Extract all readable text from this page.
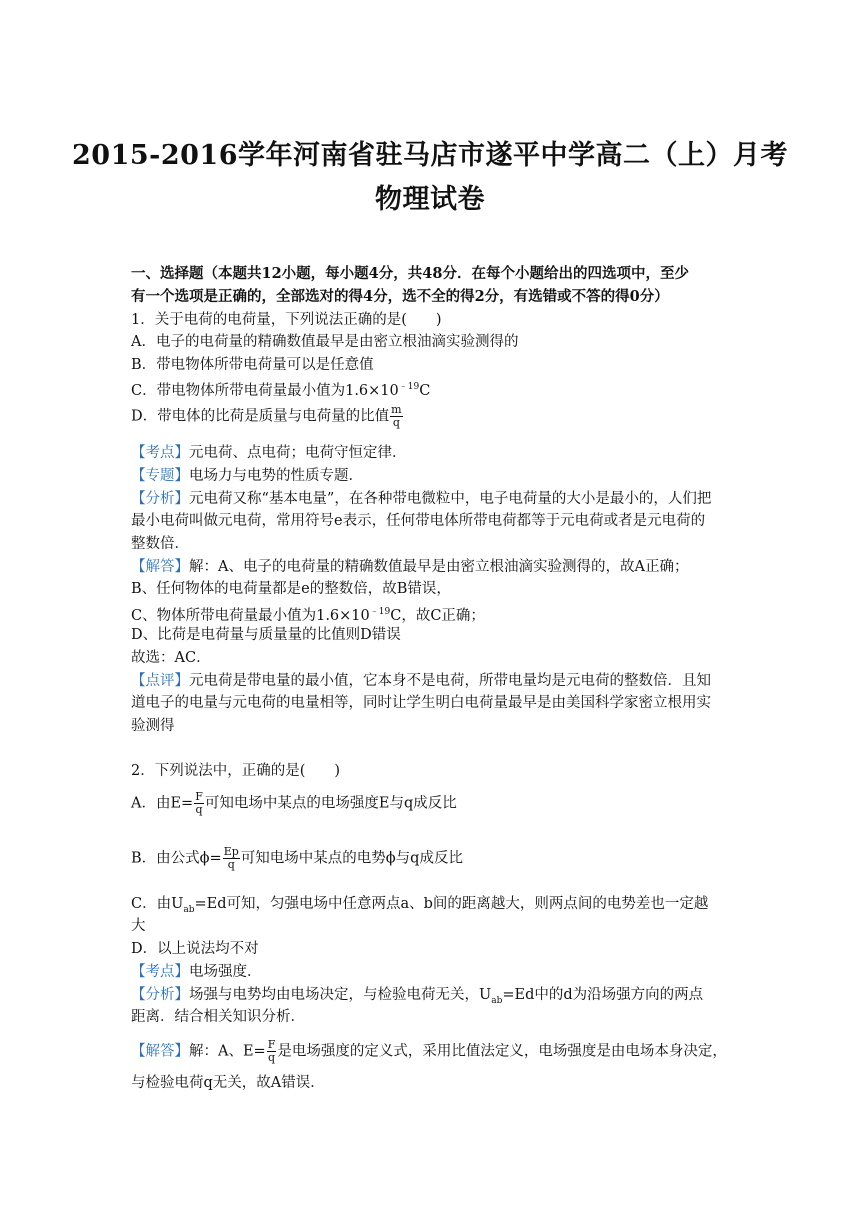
2015-2016学年河南省驻马店市遂平中学高二（上）月考
物理试卷
一、选择题（本题共12小题，每小题4分，共48分．在每个小题给出的四选项中，至少
有一个选项是正确的，全部选对的得4分，选不全的得2分，有选错或不答的得0分）
1．关于电荷的电荷量，下列说法正确的是(　　)
A．电子的电荷量的精确数值最早是由密立根油滴实验测得的
B．带电物体所带电荷量可以是任意值
C．带电物体所带电荷量最小值为$1.6\times 10^{﹣19}C$
D．带电体的比荷是质量与电荷量的比值 $\frac{m}{q}$
【考点】元电荷、点电荷；电荷守恒定律．
【专题】电场力与电势的性质专题．
【分析】元电荷又称“基本电量”，在各种带电微粒中，电子电荷量的大小是最小的，人们把
最小电荷叫做元电荷，常用符号e表示，任何带电体所带电荷都等于元电荷或者是元电荷的
整数倍．
【解答】解：A、电子的电荷量的精确数值最早是由密立根油滴实验测得的，故A正确；
B、任何物体的电荷量都是e的整数倍，故B错误，
C、物体所带电荷量最小值为$1.6\times 10^{﹣19}C$，故C正确；
D、比荷是电荷量与质量量的比值则D错误
故选：AC．
【点评】元电荷是带电量的最小值，它本身不是电荷，所带电量均是元电荷的整数倍．且知
道电子的电量与元电荷的电量相等，同时让学生明白电荷量最早是由美国科学家密立根用实
验测得
2．下列说法中，正确的是(　　)
A．由$E= \frac{F}{q}$ 可知电场中某点的电场强度E与q成反比
B．由公式$\phi= \frac{Ep}{q}$ 可知电场中某点的电势ϕ与q成反比
C．由$U_{ab}=Ed$可知，匀强电场中任意两点a、b间的距离越大，则两点间的电势差也一定越
大
D．以上说法均不对
【考点】电场强度．
【分析】场强与电势均由电场决定，与检验电荷无关，$U_{ab}=Ed$中的d为沿场强方向的两点
距离．结合相关知识分析．
【解答】解：A、$E= \frac{F}{q}$ 是电场强度的定义式，采用比值法定义，电场强度是由电场本身决定，
与检验电荷q无关，故A错误．
